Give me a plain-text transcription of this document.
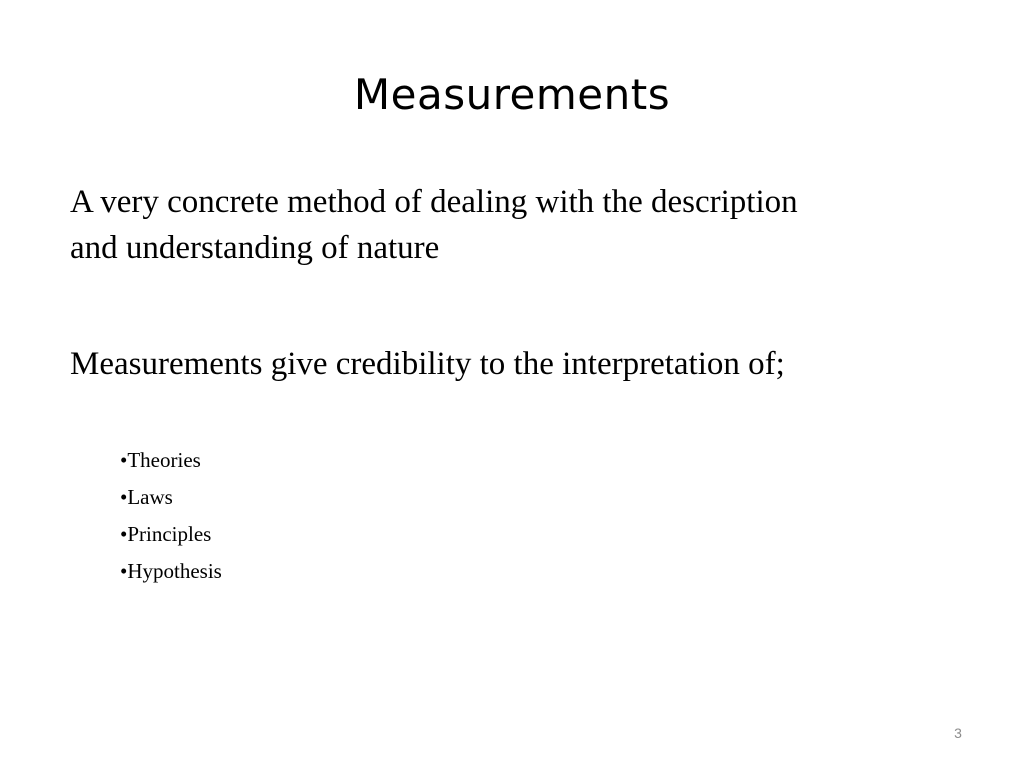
Measurements
A very concrete method of dealing with the description and understanding of nature
Measurements give credibility to the interpretation of;
•Theories
•Laws
•Principles
•Hypothesis
3
